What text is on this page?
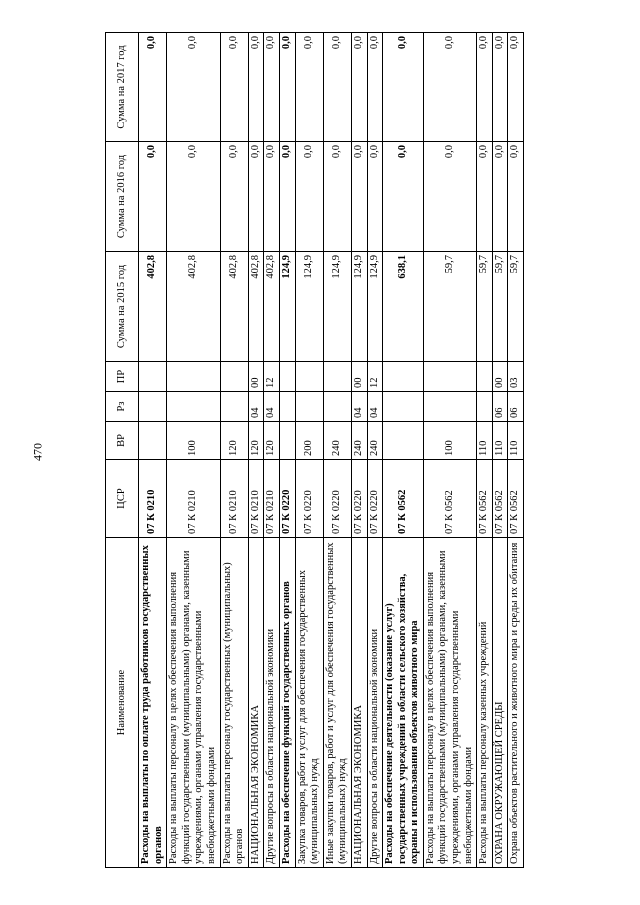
470
Наименование	ЦСР	ВР	Рз	ПР	Сумма на 2015 год	Сумма на 2016 год	Сумма на 2017 год
Расходы на выплаты по оплате труда работников государственных органов	07 К 0210				402,8	0,0	0,0
Расходы на выплаты персоналу в целях обеспечения выполнения функций государственными (муниципальными) органами, казенными учреждениями, органами управления государственными внебюджетными фондами	07 К 0210	100			402,8	0,0	0,0
Расходы на выплаты персоналу государственных (муниципальных) органов	07 К 0210	120			402,8	0,0	0,0
НАЦИОНАЛЬНАЯ ЭКОНОМИКА	07 К 0210	120	04	00	402,8	0,0	0,0
Другие вопросы в области национальной экономики	07 К 0210	120	04	12	402,8	0,0	0,0
Расходы на обеспечение функций государственных органов	07 К 0220				124,9	0,0	0,0
Закупка товаров, работ и услуг для обеспечения государственных (муниципальных) нужд	07 К 0220	200			124,9	0,0	0,0
Иные закупки товаров, работ и услуг для обеспечения государственных (муниципальных) нужд	07 К 0220	240			124,9	0,0	0,0
НАЦИОНАЛЬНАЯ ЭКОНОМИКА	07 К 0220	240	04	00	124,9	0,0	0,0
Другие вопросы в области национальной экономики	07 К 0220	240	04	12	124,9	0,0	0,0
Расходы на обеспечение деятельности (оказание услуг) государственных учреждений в области сельского хозяйства, охраны и использования объектов животного мира	07 К 0562				638,1	0,0	0,0
Расходы на выплаты персоналу в целях обеспечения выполнения функций государственными (муниципальными) органами, казенными учреждениями, органами управления государственными внебюджетными фондами	07 К 0562	100			59,7	0,0	0,0
Расходы на выплаты персоналу казенных учреждений	07 К 0562	110			59,7	0,0	0,0
ОХРАНА ОКРУЖАЮЩЕЙ СРЕДЫ	07 К 0562	110	06	00	59,7	0,0	0,0
Охрана объектов растительного и животного мира и среды их обитания	07 К 0562	110	06	03	59,7	0,0	0,0
